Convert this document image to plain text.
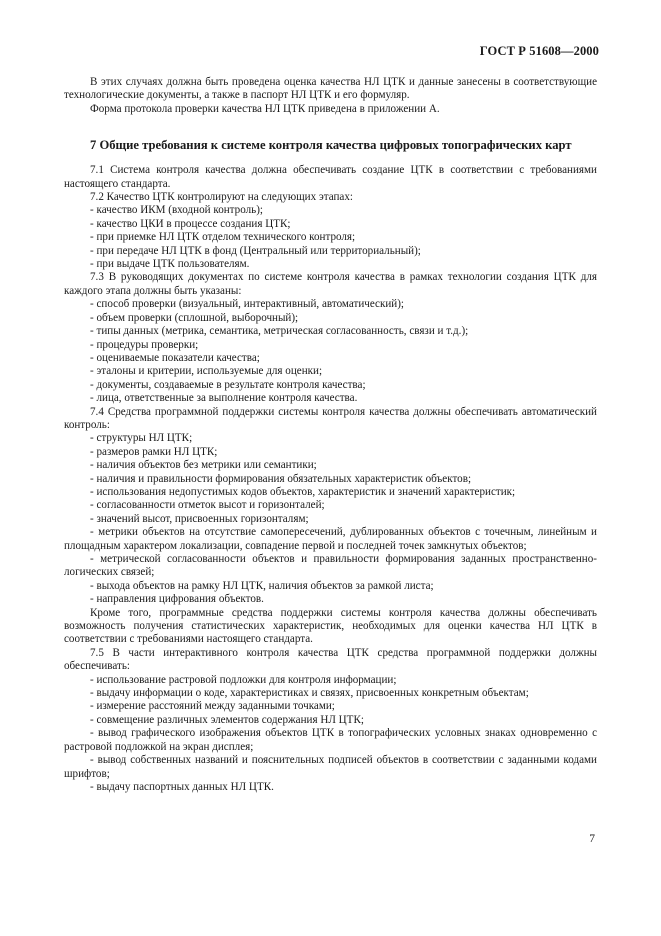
ГОСТ Р 51608—2000

В этих случаях должна быть проведена оценка качества НЛ ЦТК и данные занесены в соответствующие технологические документы, а также в паспорт НЛ ЦТК и его формуляр.

Форма протокола проверки качества НЛ ЦТК приведена в приложении А.

7 Общие требования к системе контроля качества цифровых топографических карт

7.1 Система контроля качества должна обеспечивать создание ЦТК в соответствии с требованиями настоящего стандарта.

7.2 Качество ЦТК контролируют на следующих этапах:

- качество ИКМ (входной контроль);

- качество ЦКИ в процессе создания ЦТК;

- при приемке НЛ ЦТК отделом технического контроля;

- при передаче НЛ ЦТК в фонд (Центральный или территориальный);

- при выдаче ЦТК пользователям.

7.3 В руководящих документах по системе контроля качества в рамках технологии создания ЦТК для каждого этапа должны быть указаны:

- способ проверки (визуальный, интерактивный, автоматический);

- объем проверки (сплошной, выборочный);

- типы данных (метрика, семантика, метрическая согласованность, связи и т.д.);

- процедуры проверки;

- оцениваемые показатели качества;

- эталоны и критерии, используемые для оценки;

- документы, создаваемые в результате контроля качества;

- лица, ответственные за выполнение контроля качества.

7.4 Средства программной поддержки системы контроля качества должны обеспечивать автоматический контроль:

- структуры НЛ ЦТК;

- размеров рамки НЛ ЦТК;

- наличия объектов без метрики или семантики;

- наличия и правильности формирования обязательных характеристик объектов;

- использования недопустимых кодов объектов, характеристик и значений характеристик;

- согласованности отметок высот и горизонталей;

- значений высот, присвоенных горизонталям;

- метрики объектов на отсутствие самопересечений, дублированных объектов с точечным, линейным и площадным характером локализации, совпадение первой и последней точек замкнутых объектов;

- метрической согласованности объектов и правильности формирования заданных пространственно-логических связей;

- выхода объектов на рамку НЛ ЦТК, наличия объектов за рамкой листа;

- направления цифрования объектов.

Кроме того, программные средства поддержки системы контроля качества должны обеспечивать возможность получения статистических характеристик, необходимых для оценки качества НЛ ЦТК в соответствии с требованиями настоящего стандарта.

7.5 В части интерактивного контроля качества ЦТК средства программной поддержки должны обеспечивать:

- использование растровой подложки для контроля информации;

- выдачу информации о коде, характеристиках и связях, присвоенных конкретным объектам;

- измерение расстояний между заданными точками;

- совмещение различных элементов содержания НЛ ЦТК;

- вывод графического изображения объектов ЦТК в топографических условных знаках одновременно с растровой подложкой на экран дисплея;

- вывод собственных названий и пояснительных подписей объектов в соответствии с заданными кодами шрифтов;

- выдачу паспортных данных НЛ ЦТК.

7
